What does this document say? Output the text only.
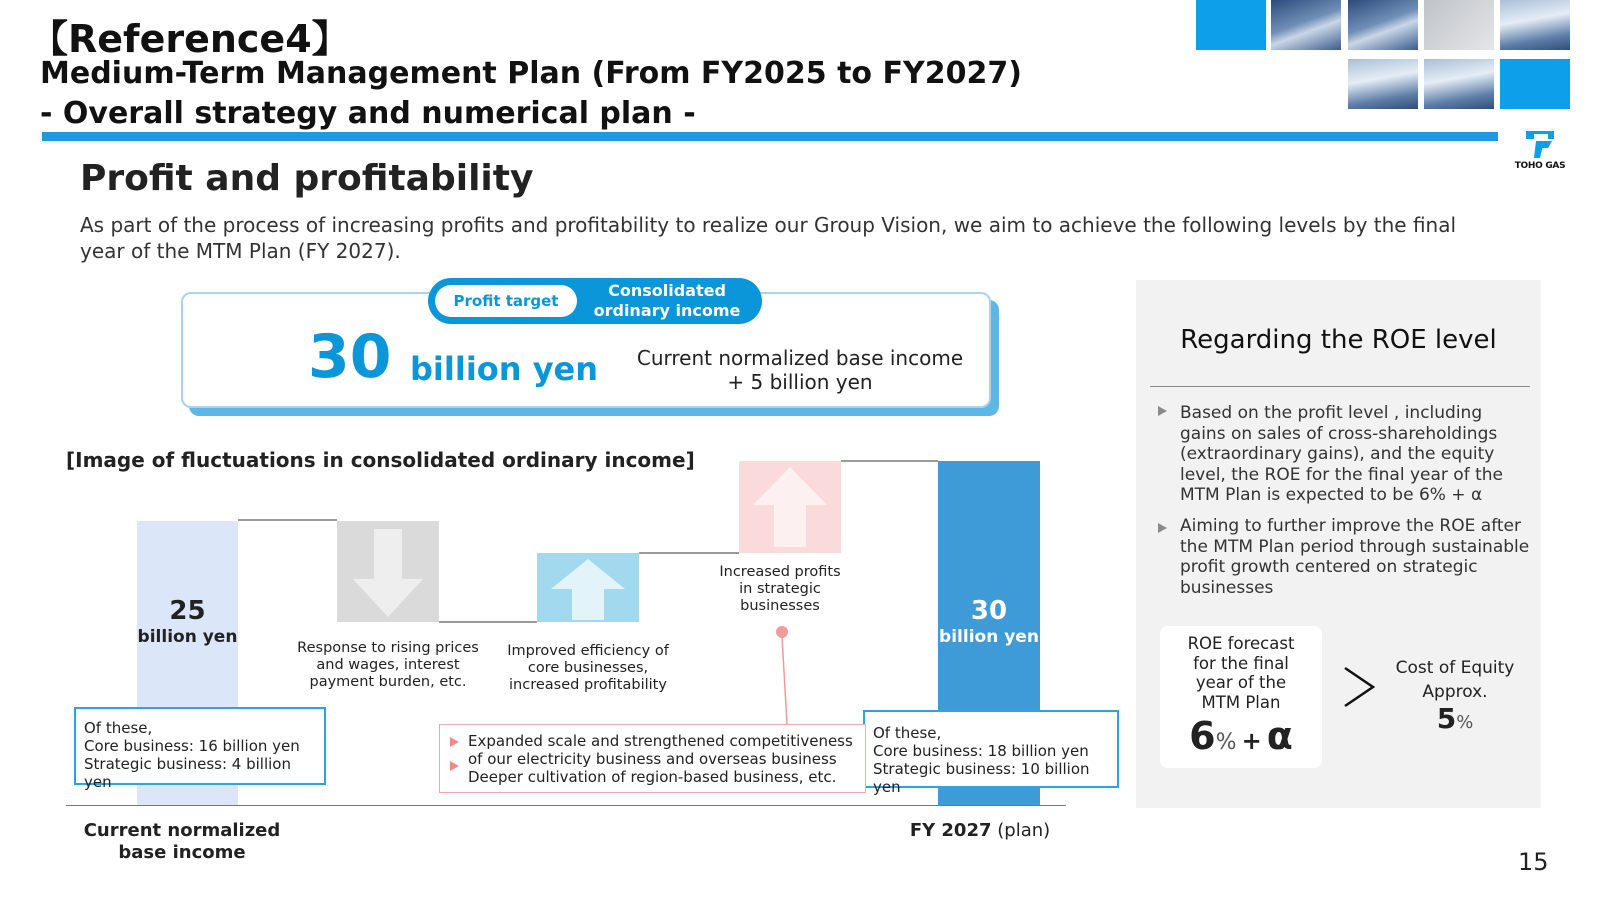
【Reference4】
Medium-Term Management Plan (From FY2025 to FY2027)
- Overall strategy and numerical plan -
TOHO GAS
Profit and profitability
As part of the process of increasing profits and profitability to realize our Group Vision, we aim to achieve the following levels by the final year of the MTM Plan (FY 2027).
Profit target
Consolidated
ordinary income
30 billion yen	Current normalized base income
+ 5 billion yen
[Image of fluctuations in consolidated ordinary income]
25
billion yen
30
billion yen
Response to rising prices
and wages, interest
payment burden, etc.
Improved efficiency of
core businesses,
increased profitability
Increased profits
in strategic
businesses
Of these,
Core business: 16 billion yen
Strategic business: 4 billion yen
Of these,
Core business: 18 billion yen
Strategic business: 10 billion yen
Expanded scale and strengthened competitiveness
of our electricity business and overseas business
Deeper cultivation of region-based business, etc.
Current normalized
base income
FY 2027 (plan)
Regarding the ROE level
Based on the profit level , including gains on sales of cross-shareholdings (extraordinary gains), and the equity level, the ROE for the final year of the MTM Plan is expected to be 6% + α
Aiming to further improve the ROE after the MTM Plan period through sustainable profit growth centered on strategic businesses
ROE forecast
for the final
year of the
MTM Plan
6% + α
Cost of Equity
Approx.
5%
15
